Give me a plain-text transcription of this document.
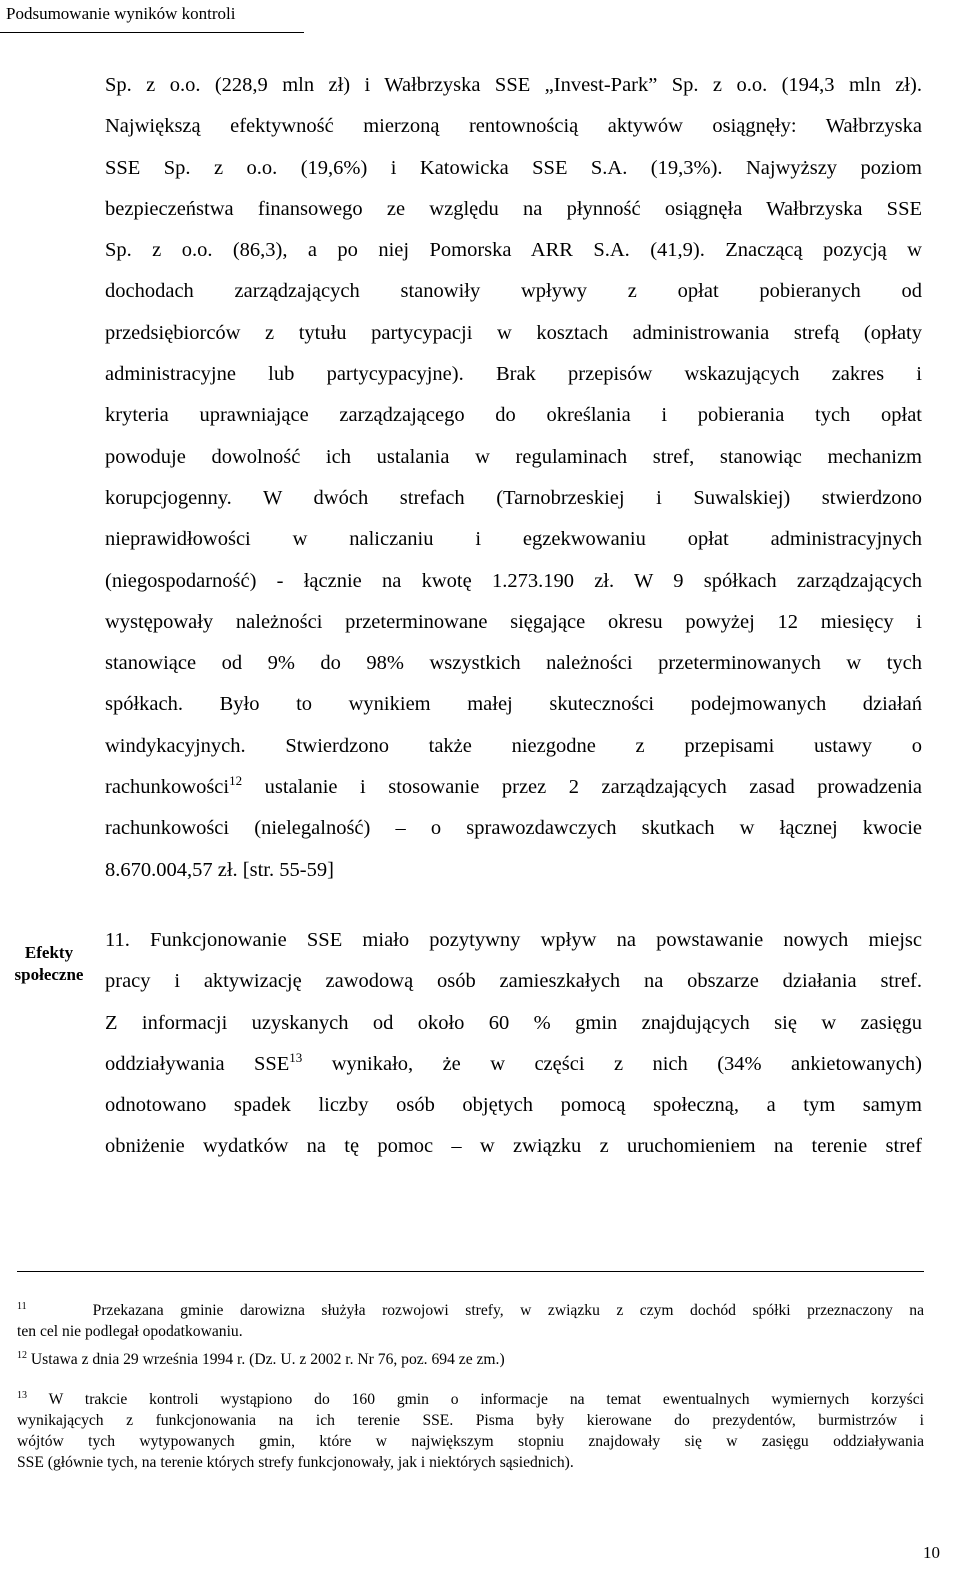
Podsumowanie wyników kontroli
Sp. z o.o. (228,9 mln zł) i Wałbrzyska SSE „Invest-Park” Sp. z o.o. (194,3 mln zł).
Największą efektywność mierzoną rentownością aktywów osiągnęły: Wałbrzyska
SSE Sp. z o.o. (19,6%) i Katowicka SSE S.A. (19,3%). Najwyższy poziom
bezpieczeństwa finansowego ze względu na płynność osiągnęła Wałbrzyska SSE
Sp. z o.o. (86,3), a po niej Pomorska ARR S.A. (41,9). Znaczącą pozycją w
dochodach zarządzających stanowiły wpływy z opłat pobieranych od
przedsiębiorców z tytułu partycypacji w kosztach administrowania strefą (opłaty
administracyjne lub partycypacyjne). Brak przepisów wskazujących zakres i
kryteria uprawniające zarządzającego do określania i pobierania tych opłat
powoduje dowolność ich ustalania w regulaminach stref, stanowiąc mechanizm
korupcjogenny. W dwóch strefach (Tarnobrzeskiej i Suwalskiej) stwierdzono
nieprawidłowości w naliczaniu i egzekwowaniu opłat administracyjnych
(niegospodarność) - łącznie na kwotę 1.273.190 zł. W 9 spółkach zarządzających
występowały należności przeterminowane sięgające okresu powyżej 12 miesięcy i
stanowiące od 9% do 98% wszystkich należności przeterminowanych w tych
spółkach. Było to wynikiem małej skuteczności podejmowanych działań
windykacyjnych. Stwierdzono także niezgodne z przepisami ustawy o
rachunkowości$^{12}$ ustalanie i stosowanie przez 2 zarządzających zasad prowadzenia
rachunkowości (nielegalność) – o sprawozdawczych skutkach w łącznej kwocie
8.670.004,57 zł. [str. 55-59]
Efekty społeczne
11. Funkcjonowanie SSE miało pozytywny wpływ na powstawanie nowych miejsc
pracy i aktywizację zawodową osób zamieszkałych na obszarze działania stref.
Z informacji uzyskanych od około 60 % gmin znajdujących się w zasięgu
oddziaływania SSE$^{13}$ wynikało, że w części z nich (34% ankietowanych)
odnotowano spadek liczby osób objętych pomocą społeczną, a tym samym
obniżenie wydatków na tę pomoc – w związku z uruchomieniem na terenie stref
$^{11}$	Przekazana gminie darowizna służyła rozwojowi strefy, w związku z czym dochód spółki przeznaczony na
ten cel nie podlegał opodatkowaniu.
$^{12}$ Ustawa z dnia 29 września 1994 r. (Dz. U. z 2002 r. Nr 76, poz. 694 ze zm.)
$^{13}$ W trakcie kontroli wystąpiono do 160 gmin o informacje na temat ewentualnych wymiernych korzyści
wynikających z funkcjonowania na ich terenie SSE. Pisma były kierowane do prezydentów, burmistrzów i
wójtów tych wytypowanych gmin, które w największym stopniu znajdowały się w zasięgu oddziaływania
SSE (głównie tych, na terenie których strefy funkcjonowały, jak i niektórych sąsiednich).
10
